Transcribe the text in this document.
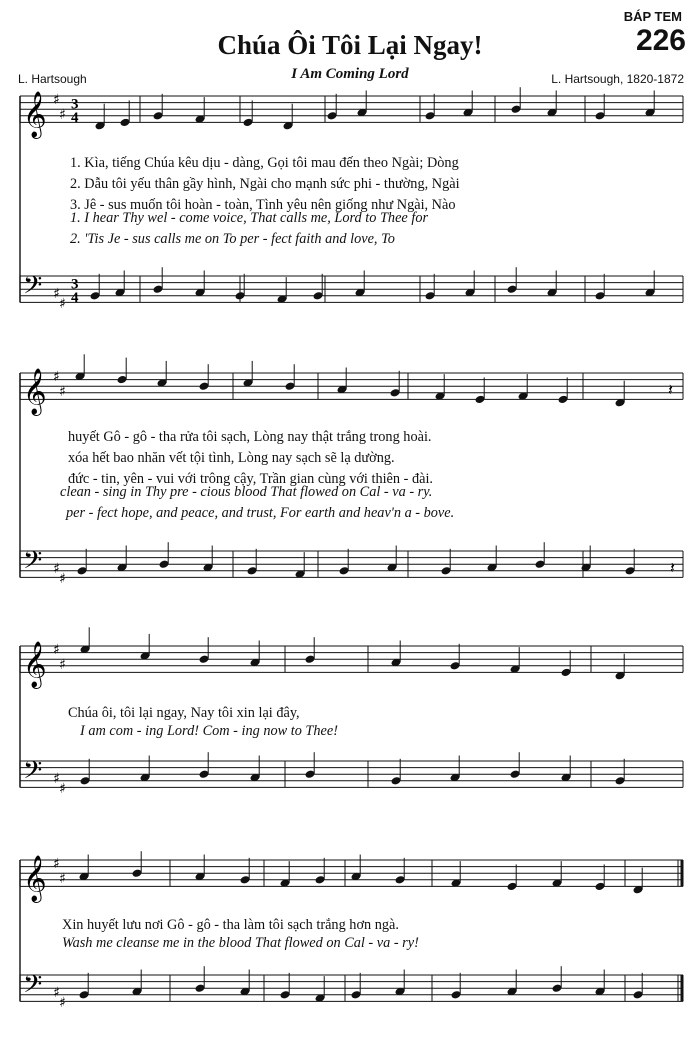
BÁP TEM
226
Chúa Ôi Tôi Lại Ngay!
L. Hartsough	I Am Coming Lord	L. Hartsough, 1820-1872
𝄞 ♯
♯
𝄢 ♯
♯
3
4
3
4
𝄞 ♯
♯
𝄢 ♯
♯
𝄞 ♯
♯
𝄢 ♯
♯
𝄞 ♯
♯
𝄢 ♯
♯
𝄽
𝄽
1. Kìa, tiếng Chúa kêu dịu - dàng, Gọi tôi mau đến theo Ngài; Dòng
2. Dẫu tôi yếu thân gầy hình, Ngài cho mạnh sức phi - thường, Ngài
3. Jê - sus muốn tôi hoàn - toàn, Tình yêu nên giống như Ngài, Nào
1. I hear Thy wel - come voice, That calls me, Lord to Thee for
2. 'Tis Je - sus calls me on To per - fect faith and love, To
huyết Gô - gô - tha rửa tôi sạch, Lòng nay thật trắng trong hoài.
xóa hết bao nhăn vết tội tình, Lòng nay sạch sẽ lạ dường.
đức - tin, yên - vui với trông cậy, Trần gian cùng với thiên - đài.
clean - sing in Thy pre - cious blood That flowed on Cal - va - ry.
per - fect hope, and peace, and trust, For earth and heav'n a - bove.
Chúa ôi, tôi lại ngay, Nay tôi xin lại đây,
I am com - ing Lord! Com - ing now to Thee!
Xin huyết lưu nơi Gô - gô - tha làm tôi sạch trắng hơn ngà.
Wash me cleanse me in the blood That flowed on Cal - va - ry!
